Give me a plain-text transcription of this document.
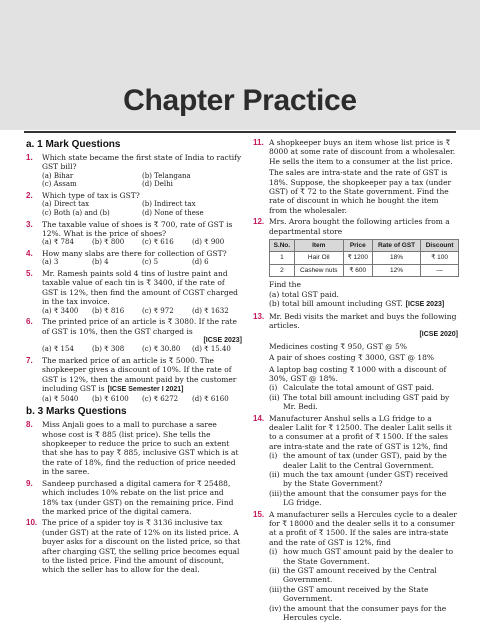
Chapter Practice
a. 1 Mark Questions
1. Which state became the first state of India to ractify GST bill?
(a) Bihar	(b) Telangana
(c) Assam	(d) Delhi
2. Which type of tax is GST?
(a) Direct tax	(b) Indirect tax
(c) Both (a) and (b)	(d) None of these
3. The taxable value of shoes is ₹ 700, rate of GST is 12%. What is the price of shoes?
(a) ₹ 784	(b) ₹ 800	(c) ₹ 616	(d) ₹ 900
4. How many slabs are there for collection of GST?
(a) 3	(b) 4	(c) 5	(d) 6
5. Mr. Ramesh paints sold 4 tins of lustre paint and taxable value of each tin is ₹ 3400, if the rate of GST is 12%, then find the amount of CGST charged in the tax invoice.
(a) ₹ 3400	(b) ₹ 816	(c) ₹ 972	(d) ₹ 1632
6. The printed price of an article is ₹ 3080. If the rate of GST is 10%, then the GST charged is
[ICSE 2023]
(a) ₹ 154	(b) ₹ 308	(c) ₹ 30.80	(d) ₹ 15.40
7. The marked price of an article is ₹ 5000. The shopkeeper gives a discount of 10%. If the rate of GST is 12%, then the amount paid by the customer including GST is [ICSE Semester I 2021]
(a) ₹ 5040	(b) ₹ 6100	(c) ₹ 6272	(d) ₹ 6160
b. 3 Marks Questions
8. Miss Anjali goes to a mall to purchase a saree whose cost is ₹ 885 (list price). She tells the shopkeeper to reduce the price to such an extent that she has to pay ₹ 885, inclusive GST which is at the rate of 18%, find the reduction of price needed in the saree.
9. Sandeep purchased a digital camera for ₹ 25488, which includes 10% rebate on the list price and 18% tax (under GST) on the remaining price. Find the marked price of the digital camera.
10. The price of a spider toy is ₹ 3136 inclusive tax (under GST) at the rate of 12% on its listed price. A buyer asks for a discount on the listed price, so that after charging GST, the selling price becomes equal to the listed price. Find the amount of discount, which the seller has to allow for the deal.
11. A shopkeeper buys an item whose list price is ₹ 8000 at some rate of discount from a wholesaler. He sells the item to a consumer at the list price.
The sales are intra-state and the rate of GST is 18%. Suppose, the shopkeeper pay a tax (under GST) of ₹ 72 to the State government. Find the rate of discount in which he bought the item from the wholesaler.
12. Mrs. Arora bought the following articles from a departmental store
S.No.	Item	Price	Rate of GST	Discount
1	Hair Oil	₹ 1200	18%	₹ 100
2	Cashew nuts	₹ 600	12%	—
Find the
(a) total GST paid.
(b) total bill amount including GST. [ICSE 2023]
13. Mr. Bedi visits the market and buys the following articles.
[ICSE 2020]
Medicines costing ₹ 950, GST @ 5%
A pair of shoes costing ₹ 3000, GST @ 18%
A laptop bag costing ₹ 1000 with a discount of 30%, GST @ 18%.
(i) Calculate the total amount of GST paid.
(ii) The total bill amount including GST paid by Mr. Bedi.
14. Manufacturer Anshul sells a LG fridge to a dealer Lalit for ₹ 12500. The dealer Lalit sells it to a consumer at a profit of ₹ 1500. If the sales are intra-state and the rate of GST is 12%, find
(i) the amount of tax (under GST), paid by the dealer Lalit to the Central Government.
(ii) much the tax amount (under GST) received by the State Government?
(iii) the amount that the consumer pays for the LG fridge.
15. A manufacturer sells a Hercules cycle to a dealer for ₹ 18000 and the dealer sells it to a consumer at a profit of ₹ 1500. If the sales are intra-state and the rate of GST is 12%, find
(i) how much GST amount paid by the dealer to the State Government.
(ii) the GST amount received by the Central Government.
(iii) the GST amount received by the State Government.
(iv) the amount that the consumer pays for the Hercules cycle.
